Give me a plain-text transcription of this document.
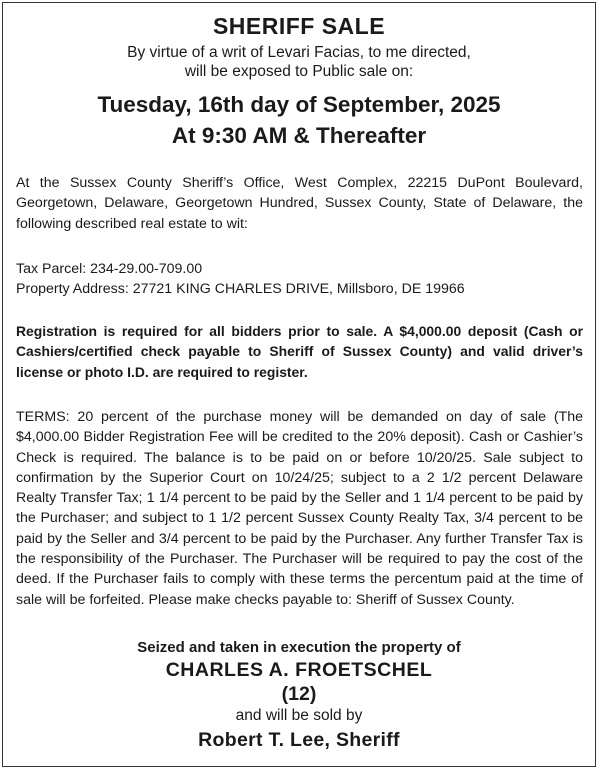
SHERIFF SALE
By virtue of a writ of Levari Facias, to me directed,
will be exposed to Public sale on:
Tuesday, 16th day of September, 2025
At 9:30 AM & Thereafter
At the Sussex County Sheriff’s Office, West Complex, 22215 DuPont Boulevard, Georgetown, Delaware, Georgetown Hundred, Sussex County, State of Delaware, the following described real estate to wit:
Tax Parcel: 234-29.00-709.00
Property Address: 27721 KING CHARLES DRIVE, Millsboro, DE 19966
Registration is required for all bidders prior to sale. A $4,000.00 deposit (Cash or Cashiers/certified check payable to Sheriff of Sussex County) and valid driver’s license or photo I.D. are required to register.
TERMS: 20 percent of the purchase money will be demanded on day of sale (The $4,000.00 Bidder Registration Fee will be credited to the 20% deposit). Cash or Cashier’s Check is required. The balance is to be paid on or before 10/20/25. Sale subject to confirmation by the Superior Court on 10/24/25; subject to a 2 1/2 percent Delaware Realty Transfer Tax; 1 1/4 percent to be paid by the Seller and 1 1/4 percent to be paid by the Purchaser; and subject to 1 1/2 percent Sussex County Realty Tax, 3/4 percent to be paid by the Seller and 3/4 percent to be paid by the Purchaser. Any further Transfer Tax is the responsibility of the Purchaser. The Purchaser will be required to pay the cost of the deed. If the Purchaser fails to comply with these terms the percentum paid at the time of sale will be forfeited. Please make checks payable to: Sheriff of Sussex County.
Seized and taken in execution the property of
CHARLES A. FROETSCHEL
(12)
and will be sold by
Robert T. Lee, Sheriff
